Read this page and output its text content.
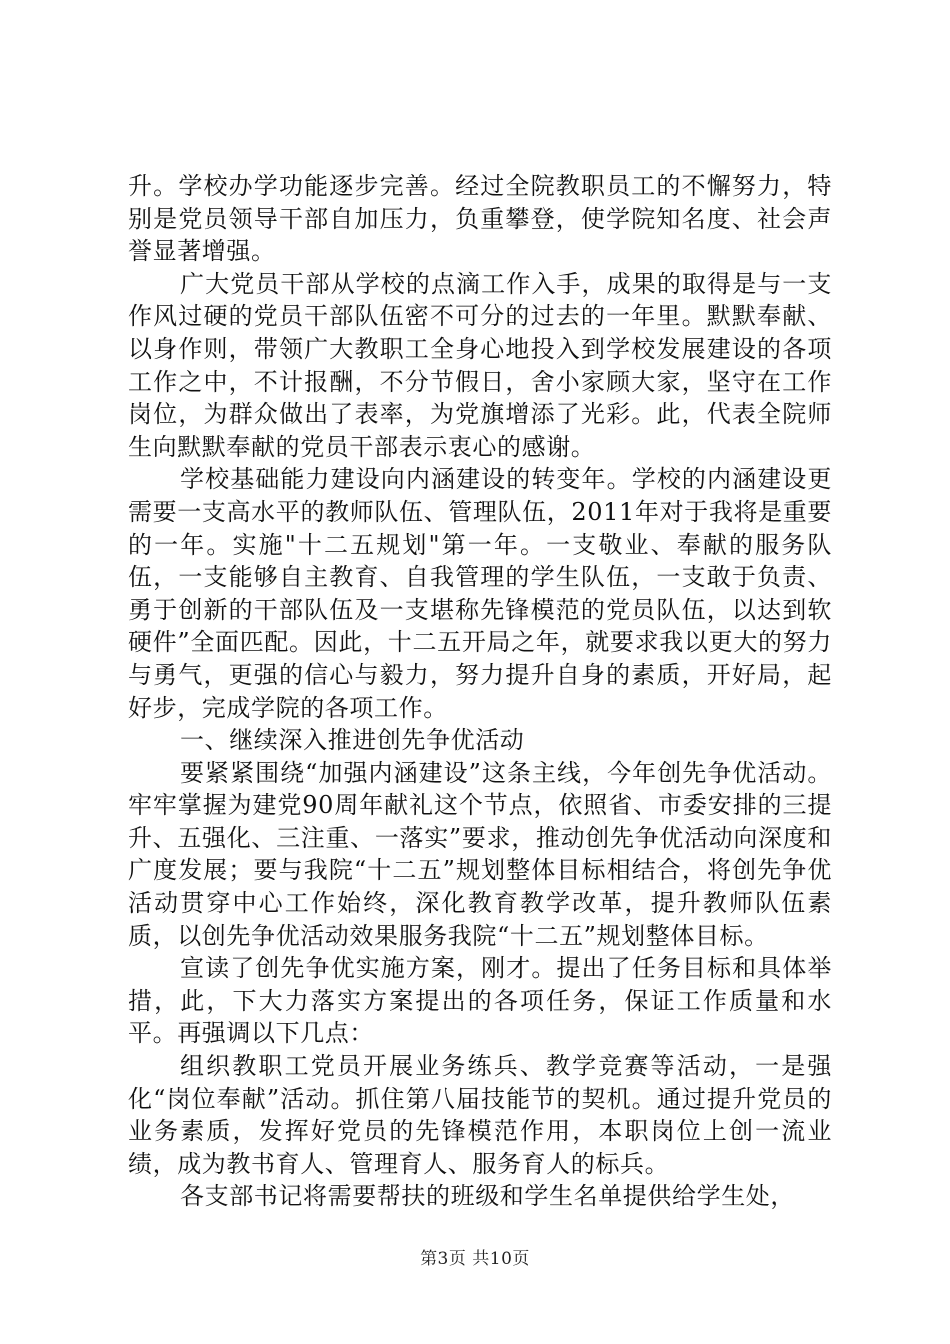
升。学校办学功能逐步完善。经过全院教职员工的不懈努力，特别是党员领导干部自加压力，负重攀登，使学院知名度、社会声誉显著增强。

广大党员干部从学校的点滴工作入手，成果的取得是与一支作风过硬的党员干部队伍密不可分的过去的一年里。默默奉献、以身作则，带领广大教职工全身心地投入到学校发展建设的各项工作之中，不计报酬，不分节假日，舍小家顾大家，坚守在工作岗位，为群众做出了表率，为党旗增添了光彩。此，代表全院师生向默默奉献的党员干部表示衷心的感谢。

学校基础能力建设向内涵建设的转变年。学校的内涵建设更需要一支高水平的教师队伍、管理队伍，2011年对于我将是重要的一年。实施"十二五规划"第一年。一支敬业、奉献的服务队伍，一支能够自主教育、自我管理的学生队伍，一支敢于负责、勇于创新的干部队伍及一支堪称先锋模范的党员队伍，以达到软硬件”全面匹配。因此，十二五开局之年，就要求我以更大的努力与勇气，更强的信心与毅力，努力提升自身的素质，开好局，起好步，完成学院的各项工作。

一、继续深入推进创先争优活动

要紧紧围绕“加强内涵建设”这条主线，今年创先争优活动。牢牢掌握为建党90周年献礼这个节点，依照省、市委安排的三提升、五强化、三注重、一落实”要求，推动创先争优活动向深度和广度发展；要与我院“十二五”规划整体目标相结合，将创先争优活动贯穿中心工作始终，深化教育教学改革，提升教师队伍素质，以创先争优活动效果服务我院“十二五”规划整体目标。

宣读了创先争优实施方案，刚才。提出了任务目标和具体举措，此，下大力落实方案提出的各项任务，保证工作质量和水平。再强调以下几点：

组织教职工党员开展业务练兵、教学竞赛等活动，一是强化“岗位奉献”活动。抓住第八届技能节的契机。通过提升党员的业务素质，发挥好党员的先锋模范作用，本职岗位上创一流业绩，成为教书育人、管理育人、服务育人的标兵。

各支部书记将需要帮扶的班级和学生名单提供给学生处，

第3页 共10页
